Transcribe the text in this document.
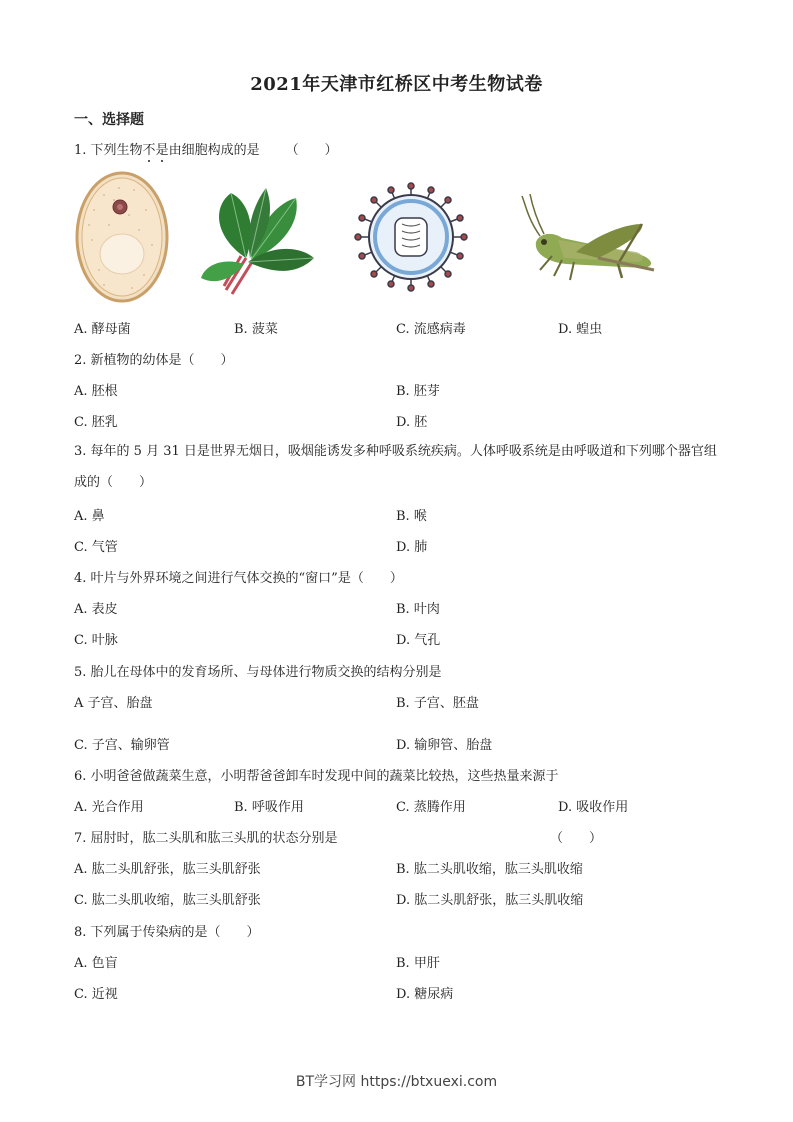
2021年天津市红桥区中考生物试卷
一、选择题
1. 下列生物不是由细胞构成的是 （　　）
A. 酵母菌	B. 菠菜	C. 流感病毒	D. 蝗虫
2. 新植物的幼体是（　　）
A. 胚根	B. 胚芽
C. 胚乳	D. 胚
3. 每年的 5 月 31 日是世界无烟日，吸烟能诱发多种呼吸系统疾病。人体呼吸系统是由呼吸道和下列哪个器官组成的（　　）
A. 鼻	B. 喉
C. 气管	D. 肺
4. 叶片与外界环境之间进行气体交换的“窗口”是（　　）
A. 表皮	B. 叶肉
C. 叶脉	D. 气孔
5. 胎儿在母体中的发育场所、与母体进行物质交换的结构分别是
A 子宫、胎盘	B. 子宫、胚盘
C. 子宫、输卵管	D. 输卵管、胎盘
6. 小明爸爸做蔬菜生意，小明帮爸爸卸车时发现中间的蔬菜比较热，这些热量来源于
A. 光合作用	B. 呼吸作用	C. 蒸腾作用	D. 吸收作用
7. 屈肘时，肱二头肌和肱三头肌的状态分别是	（　　）
A. 肱二头肌舒张，肱三头肌舒张	B. 肱二头肌收缩，肱三头肌收缩
C. 肱二头肌收缩，肱三头肌舒张	D. 肱二头肌舒张，肱三头肌收缩
8. 下列属于传染病的是（　　）
A. 色盲	B. 甲肝
C. 近视	D. 糖尿病
BT学习网 https://btxuexi.com
